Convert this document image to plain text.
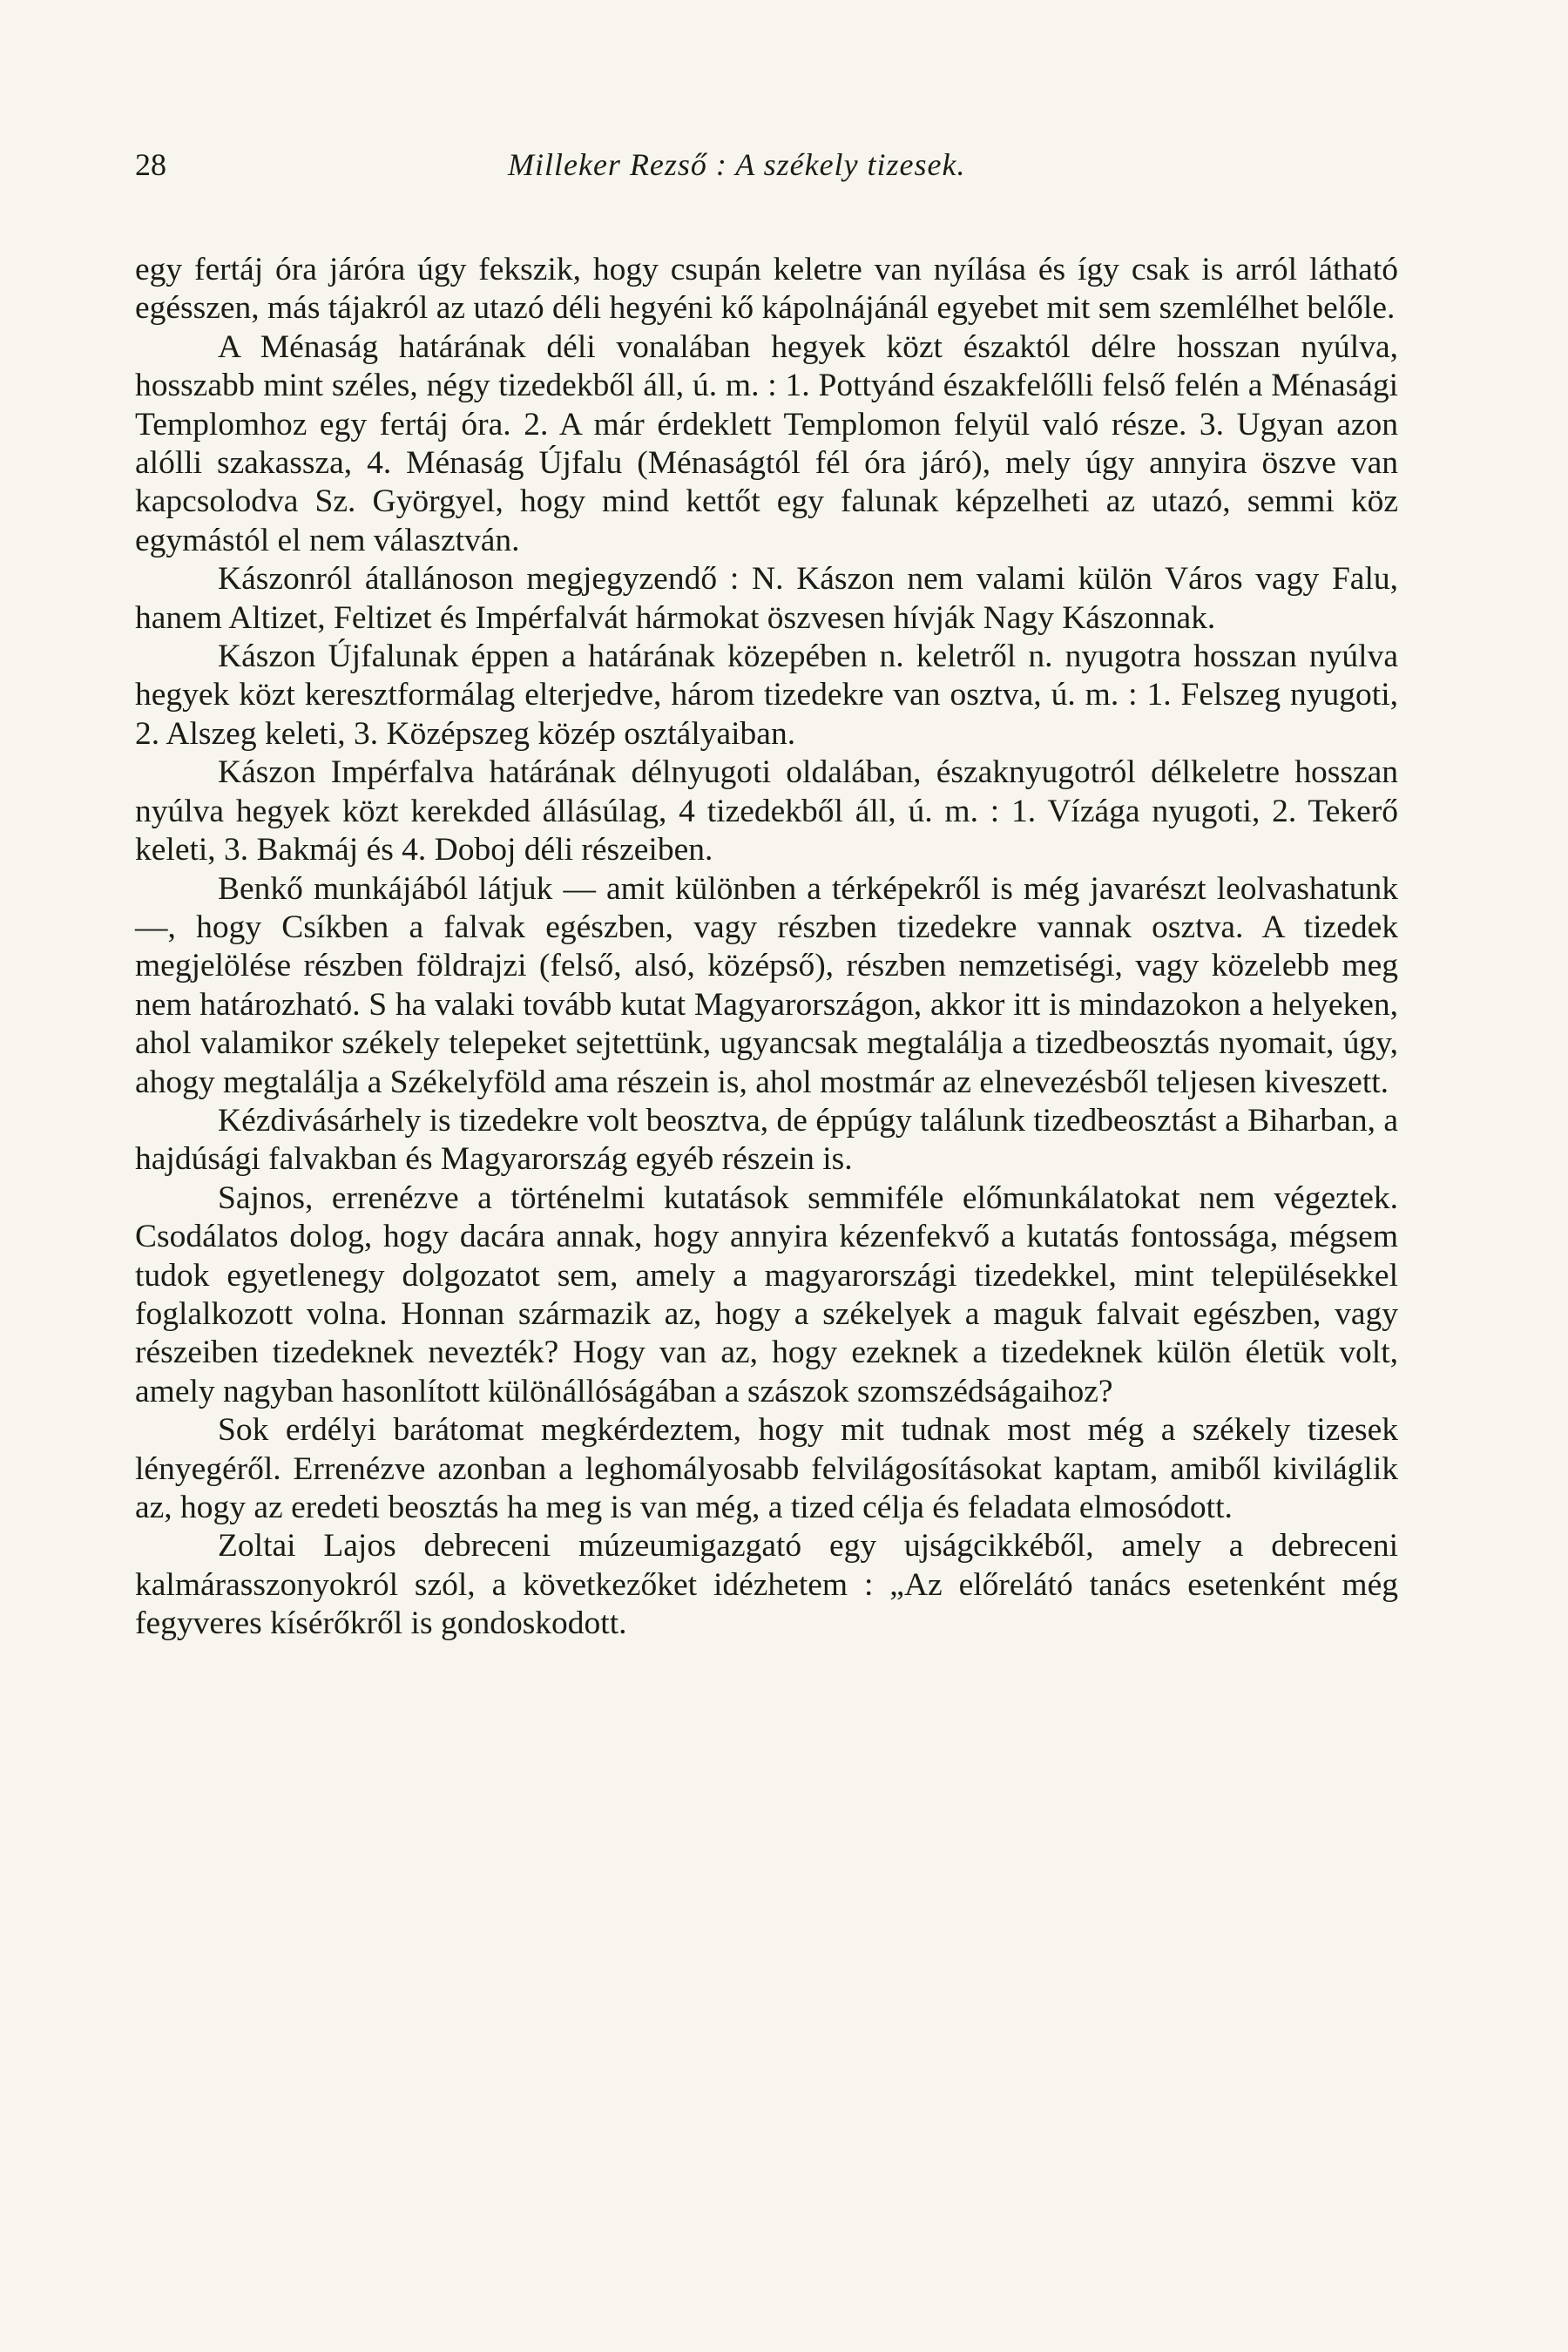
28	Milleker Rezső : A székely tizesek.

egy fertáj óra járóra úgy fekszik, hogy csupán keletre van nyílása és így csak is arról látható egésszen, más tájakról az utazó déli hegyéni kő kápolnájánál egyebet mit sem szemlélhet belőle.

A Ménaság határának déli vonalában hegyek közt északtól délre hosszan nyúlva, hosszabb mint széles, négy tizedekből áll, ú. m. : 1. Pottyánd északfelőlli felső felén a Ménasági Templomhoz egy fertáj óra. 2. A már érdeklett Templomon felyül való része. 3. Ugyan azon alólli szakassza, 4. Ménaság Újfalu (Ménaságtól fél óra járó), mely úgy annyira öszve van kapcsolodva Sz. Györgyel, hogy mind kettőt egy falunak képzelheti az utazó, semmi köz egymástól el nem választván.

Kászonról átallánoson megjegyzendő : N. Kászon nem valami külön Város vagy Falu, hanem Altizet, Feltizet és Impérfalvát hármokat öszvesen hívják Nagy Kászonnak.

Kászon Újfalunak éppen a határának közepében n. keletről n. nyugotra hosszan nyúlva hegyek közt keresztformálag elterjedve, három tizedekre van osztva, ú. m. : 1. Felszeg nyugoti, 2. Alszeg keleti, 3. Középszeg közép osztályaiban.

Kászon Impérfalva határának délnyugoti oldalában, északnyugotról délkeletre hosszan nyúlva hegyek közt kerekded állásúlag, 4 tizedekből áll, ú. m. : 1. Vízága nyugoti, 2. Tekerő keleti, 3. Bakmáj és 4. Doboj déli részeiben.

Benkő munkájából látjuk — amit különben a térképekről is még javarészt leolvashatunk —, hogy Csíkben a falvak egészben, vagy részben tizedekre vannak osztva. A tizedek megjelölése részben földrajzi (felső, alsó, középső), részben nemzetiségi, vagy közelebb meg nem határozható. S ha valaki tovább kutat Magyarországon, akkor itt is mindazokon a helyeken, ahol valamikor székely telepeket sejtettünk, ugyancsak megtalálja a tizedbeosztás nyomait, úgy, ahogy megtalálja a Székelyföld ama részein is, ahol mostmár az elnevezésből teljesen kiveszett.

Kézdivásárhely is tizedekre volt beosztva, de éppúgy találunk tizedbeosztást a Biharban, a hajdúsági falvakban és Magyarország egyéb részein is.

Sajnos, errenézve a történelmi kutatások semmiféle előmunkálatokat nem végeztek. Csodálatos dolog, hogy dacára annak, hogy annyira kézenfekvő a kutatás fontossága, mégsem tudok egyetlenegy dolgozatot sem, amely a magyarországi tizedekkel, mint településekkel foglalkozott volna. Honnan származik az, hogy a székelyek a maguk falvait egészben, vagy részeiben tizedeknek nevezték? Hogy van az, hogy ezeknek a tizedeknek külön életük volt, amely nagyban hasonlított különállóságában a szászok szomszédságaihoz?

Sok erdélyi barátomat megkérdeztem, hogy mit tudnak most még a székely tizesek lényegéről. Errenézve azonban a leghomályosabb felvilágosításokat kaptam, amiből kiviláglik az, hogy az eredeti beosztás ha meg is van még, a tized célja és feladata elmosódott.

Zoltai Lajos debreceni múzeumigazgató egy ujságcikkéből, amely a debreceni kalmárasszonyokról szól, a következőket idézhetem : „Az előrelátó tanács esetenként még fegyveres kísérőkről is gondoskodott.
